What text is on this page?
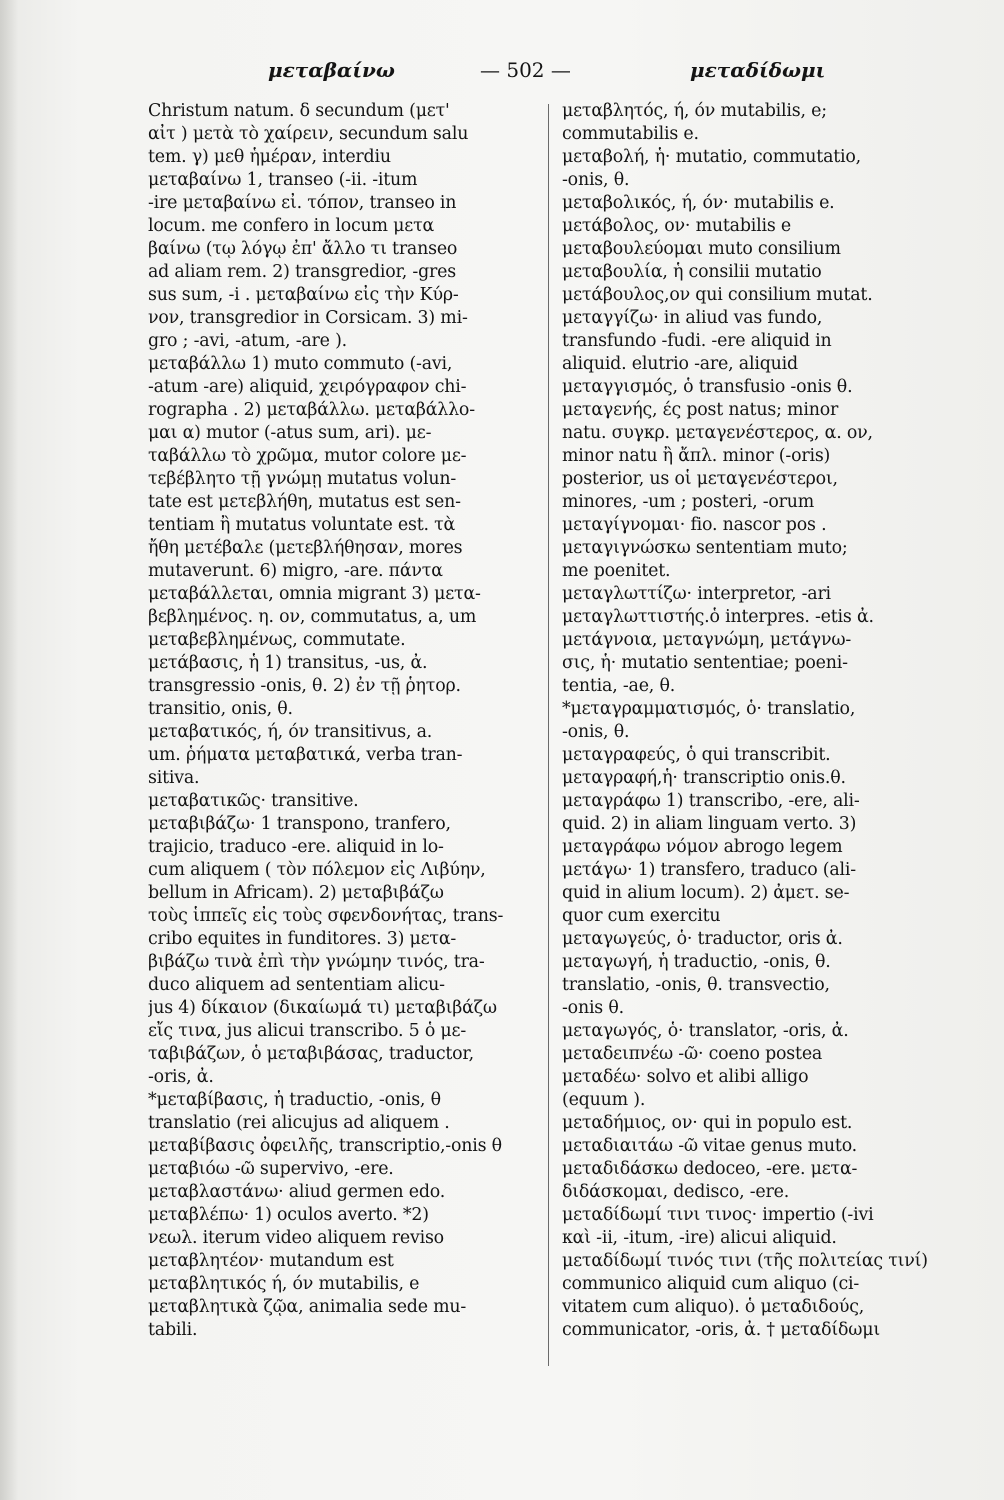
μεταβαίνω	— 502 —	μεταδίδωμι
Christum natum. δ secundum (μετ'
αἰτ ) μετὰ τὸ χαίρειν, secundum salu
tem. γ) μεθ ἡμέραν, interdiu
μεταβαίνω 1, transeo (-ii. -itum
-ire μεταβαίνω εἰ. τόπον, transeo in
locum. me confero in locum μετα
βαίνω (τῳ λόγῳ ἐπ' ἄλλο τι transeo
ad aliam rem. 2) transgredior, -gres
sus sum, -i . μεταβαίνω εἰς τὴν Κύρ-
νον, transgredior in Corsicam. 3) mi-
gro ; -avi, -atum, -are ).
μεταβάλλω 1) muto commuto (-avi,
-atum -are) aliquid, χειρόγραφον chi-
rographa . 2) μεταβάλλω. μεταβάλλο-
μαι α) mutor (-atus sum, ari). με-
ταβάλλω τὸ χρῶμα, mutor colore με-
τεβέβλητο τῇ γνώμῃ mutatus volun-
tate est μετεβλήθη, mutatus est sen-
tentiam ἢ mutatus voluntate est. τὰ
ἤθη μετέβαλε (μετεβλήθησαν, mores
mutaverunt. 6) migro, -are. πάντα
μεταβάλλεται, omnia migrant 3) μετα-
βεβλημένος. η. ον, commutatus, a, um
μεταβεβλημένως, commutate.
μετάβασις, ἡ 1) transitus, -us, ἀ.
transgressio -onis, θ. 2) ἐν τῇ ῥητορ.
transitio, onis, θ.
μεταβατικός, ή, όν transitivus, a.
um. ῥήματα μεταβατικά, verba tran-
sitiva.
μεταβατικῶς· transitive.
μεταβιβάζω· 1 transpono, tranfero,
trajicio, traduco -ere. aliquid in lo-
cum aliquem ( τὸν πόλεμον εἰς Λιβύην,
bellum in Africam). 2) μεταβιβάζω
τοὺς ἱππεῖς εἰς τοὺς σφενδονήτας, trans-
cribo equites in funditores. 3) μετα-
βιβάζω τινὰ ἐπὶ τὴν γνώμην τινός, tra-
duco aliquem ad sententiam alicu-
jus 4) δίκαιον (δικαίωμά τι) μεταβιβάζω
εἴς τινα, jus alicui transcribo. 5 ὁ με-
ταβιβάζων, ὁ μεταβιβάσας, traductor,
-oris, ἀ.
*μεταβίβασις, ἡ traductio, -onis, θ
translatio (rei alicujus ad aliquem .
μεταβίβασις ὀφειλῆς, transcriptio,-onis θ
μεταβιόω -ῶ supervivo, -ere.
μεταβλαστάνω· aliud germen edo.
μεταβλέπω· 1) oculos averto. *2)
νεωλ. iterum video aliquem reviso
μεταβλητέον· mutandum est
μεταβλητικός ή, όν mutabilis, e
μεταβλητικὰ ζῷα, animalia sede mu-
tabili.
μεταβλητός, ή, όν mutabilis, e;
commutabilis e.
μεταβολή, ἡ· mutatio, commutatio,
-onis, θ.
μεταβολικός, ή, όν· mutabilis e.
μετάβολος, ον· mutabilis e
μεταβουλεύομαι muto consilium
μεταβουλία, ἡ consilii mutatio
μετάβουλος,ον qui consilium mutat.
μεταγγίζω· in aliud vas fundo,
transfundo -fudi. -ere aliquid in
aliquid. elutrio -are, aliquid
μεταγγισμός, ὁ transfusio -onis θ.
μεταγενής, ές post natus; minor
natu. συγκρ. μεταγενέστερος, α. ον,
minor natu ἢ ἄπλ. minor (-oris)
posterior, us οἱ μεταγενέστεροι,
minores, -um ; posteri, -orum
μεταγίγνομαι· fio. nascor pos .
μεταγιγνώσκω sententiam muto;
me poenitet.
μεταγλωττίζω· interpretor, -ari
μεταγλωττιστής.ὁ interpres. -etis ἀ.
μετάγνοια, μεταγνώμη, μετάγνω-
σις, ἡ· mutatio sententiae; poeni-
tentia, -ae, θ.
*μεταγραμματισμός, ὁ· translatio,
-onis, θ.
μεταγραφεύς, ὁ qui transcribit.
μεταγραφή,ἡ· transcriptio onis.θ.
μεταγράφω 1) transcribo, -ere, ali-
quid. 2) in aliam linguam verto. 3)
μεταγράφω νόμον abrogo legem
μετάγω· 1) transfero, traduco (ali-
quid in alium locum). 2) ἀμετ. se-
quor cum exercitu
μεταγωγεύς, ὁ· traductor, oris ἀ.
μεταγωγή, ἡ traductio, -onis, θ.
translatio, -onis, θ. transvectio,
-onis θ.
μεταγωγός, ὁ· translator, -oris, ἀ.
μεταδειπνέω -ῶ· coeno postea
μεταδέω· solvo et alibi alligo
(equum ).
μεταδήμιος, ον· qui in populo est.
μεταδιαιτάω -ῶ vitae genus muto.
μεταδιδάσκω dedoceo, -ere. μετα-
διδάσκομαι, dedisco, -ere.
μεταδίδωμί τινι τινος· impertio (-ivi
καὶ -ii, -itum, -ire) alicui aliquid.
μεταδίδωμί τινός τινι (τῆς πολιτείας τινί)
communico aliquid cum aliquo (ci-
vitatem cum aliquo). ὁ μεταδιδούς,
communicator, -oris, ἀ. † μεταδίδωμι
